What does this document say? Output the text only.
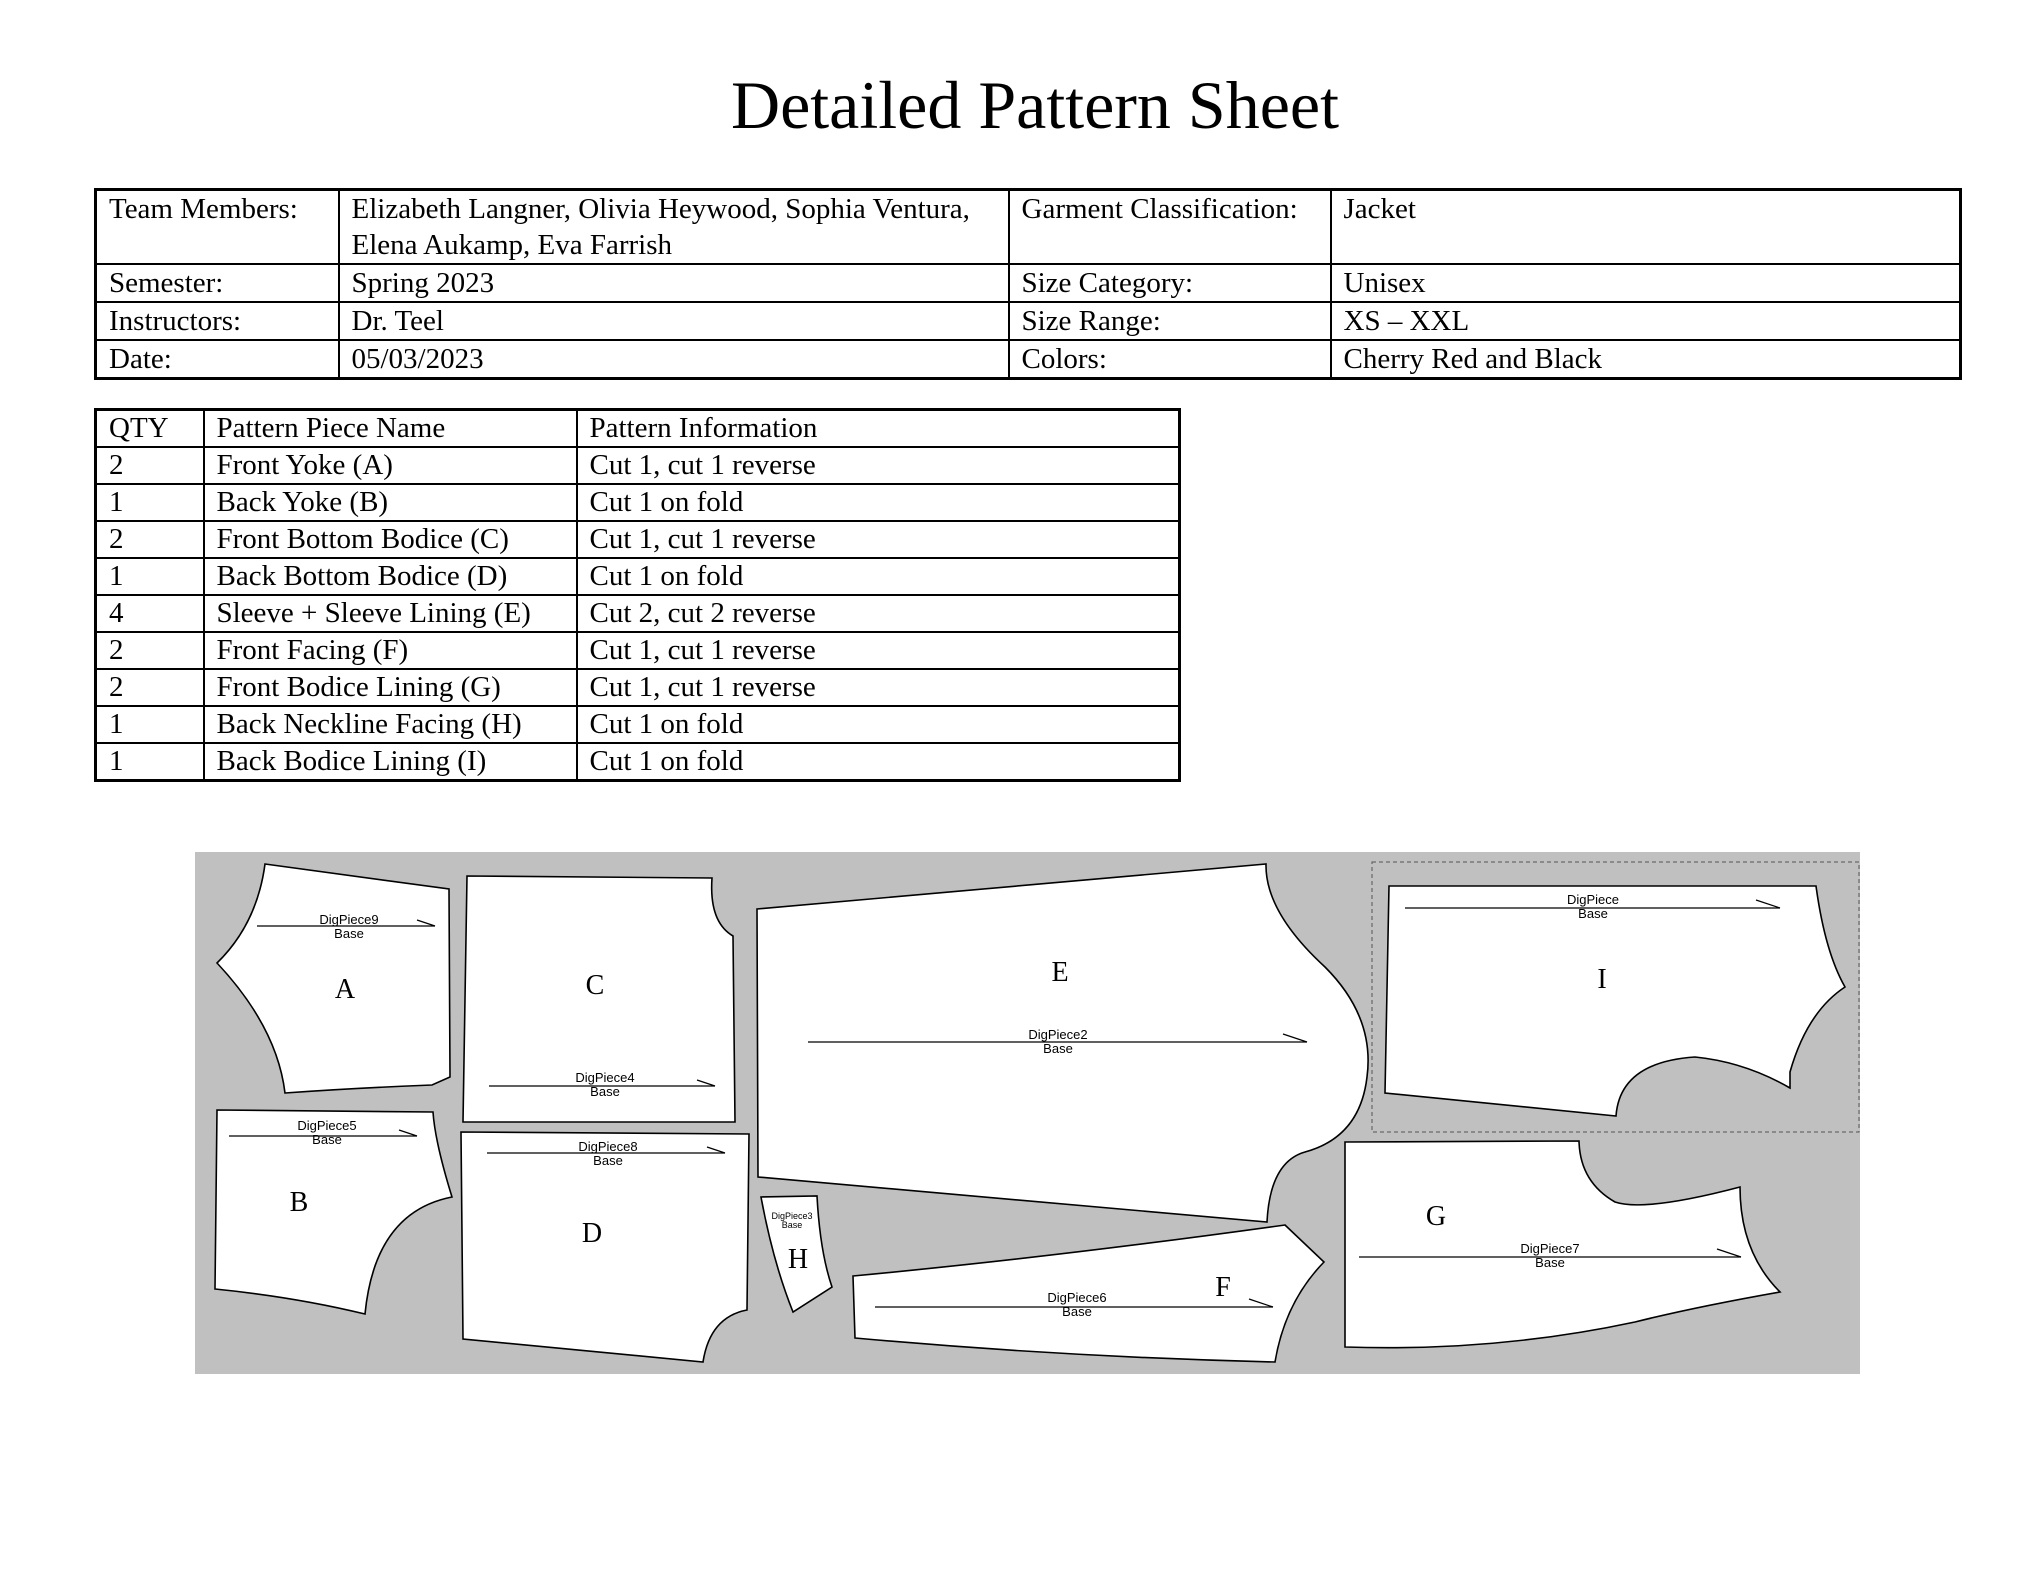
Detailed Pattern Sheet
Team Members:	Elizabeth Langner, Olivia Heywood, Sophia Ventura, Elena Aukamp, Eva Farrish	Garment Classification:	Jacket
Semester:	Spring 2023	Size Category:	Unisex
Instructors:	Dr. Teel	Size Range:	XS – XXL
Date:	05/03/2023	Colors:	Cherry Red and Black
QTY	Pattern Piece Name	Pattern Information
2	Front Yoke (A)	Cut 1, cut 1 reverse
1	Back Yoke (B)	Cut 1 on fold
2	Front Bottom Bodice (C)	Cut 1, cut 1 reverse
1	Back Bottom Bodice (D)	Cut 1 on fold
4	Sleeve + Sleeve Lining (E)	Cut 2, cut 2 reverse
2	Front Facing (F)	Cut 1, cut 1 reverse
2	Front Bodice Lining (G)	Cut 1, cut 1 reverse
1	Back Neckline Facing (H)	Cut 1 on fold
1	Back Bodice Lining (I)	Cut 1 on fold
DigPiece9
Base
A
DigPiece5
Base
B
DigPiece4
Base
C
DigPiece8
Base
D
DigPiece2
Base
E
DigPiece3
Base
H
DigPiece6
Base
F
DigPiece
Base
I
DigPiece7
Base
G
